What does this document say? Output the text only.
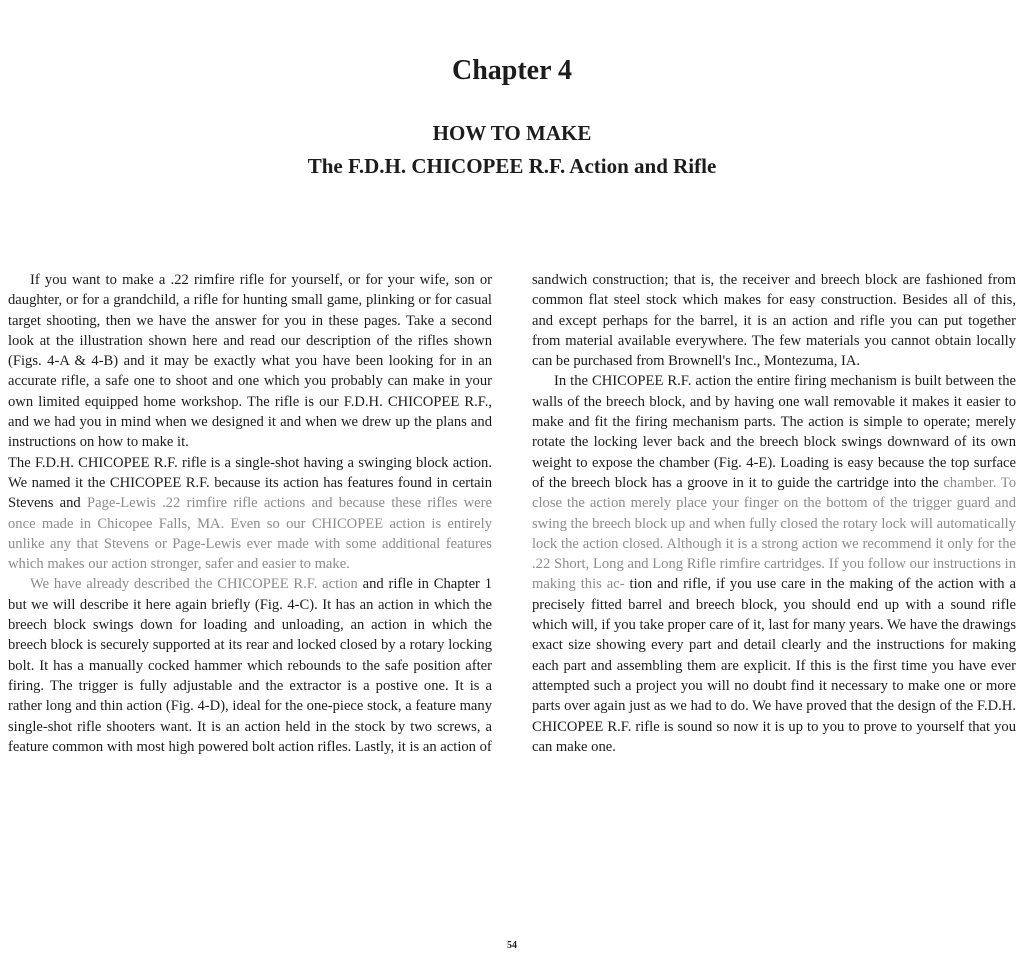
Chapter 4
HOW TO MAKE
The F.D.H. CHICOPEE R.F. Action and Rifle

If you want to make a .22 rimfire rifle for yourself, or for your wife, son or daughter, or for a grandchild, a rifle for hunting small game, plinking or for casual target shooting, then we have the answer for you in these pages. Take a second look at the illustration shown here and read our description of the rifles shown (Figs. 4-A & 4-B) and it may be exactly what you have been looking for in an accurate rifle, a safe one to shoot and one which you probably can make in your own limited equipped home workshop. The rifle is our F.D.H. CHICOPEE R.F., and we had you in mind when we designed it and when we drew up the plans and instructions on how to make it.

The F.D.H. CHICOPEE R.F. rifle is a single-shot having a swinging block action. We named it the CHICOPEE R.F. because its action has features found in certain Stevens and Page-Lewis .22 rimfire rifle actions and because these rifles were once made in Chicopee Falls, MA. Even so our CHICOPEE action is entirely unlike any that Stevens or Page-Lewis ever made with some additional features which makes our action stronger, safer and easier to make.

We have already described the CHICOPEE R.F. action and rifle in Chapter 1 but we will describe it here again briefly (Fig. 4-C). It has an action in which the breech block swings down for loading and unloading, an action in which the breech block is securely supported at its rear and locked closed by a rotary locking bolt. It has a manually cocked hammer which rebounds to the safe position after firing. The trigger is fully adjustable and the extractor is a postive one. It is a rather long and thin action (Fig. 4-D), ideal for the one-piece stock, a feature many single-shot rifle shooters want. It is an action held in the stock by two screws, a feature common with most high powered bolt action rifles. Lastly, it is an action of

sandwich construction; that is, the receiver and breech block are fashioned from common flat steel stock which makes for easy construction. Besides all of this, and except perhaps for the barrel, it is an action and rifle you can put together from material available everywhere. The few materials you cannot obtain locally can be purchased from Brownell's Inc., Montezuma, IA.

In the CHICOPEE R.F. action the entire firing mechanism is built between the walls of the breech block, and by having one wall removable it makes it easier to make and fit the firing mechanism parts. The action is simple to operate; merely rotate the locking lever back and the breech block swings downward of its own weight to expose the chamber (Fig. 4-E). Loading is easy because the top surface of the breech block has a groove in it to guide the cartridge into the chamber. To close the action merely place your finger on the bottom of the trigger guard and swing the breech block up and when fully closed the rotary lock will automatically lock the action closed. Although it is a strong action we recommend it only for the .22 Short, Long and Long Rifle rimfire cartridges. If you follow our instructions in making this ac- tion and rifle, if you use care in the making of the action with a precisely fitted barrel and breech block, you should end up with a sound rifle which will, if you take proper care of it, last for many years. We have the drawings exact size showing every part and detail clearly and the instructions for making each part and assembling them are explicit. If this is the first time you have ever attempted such a project you will no doubt find it necessary to make one or more parts over again just as we had to do. We have proved that the design of the F.D.H. CHICOPEE R.F. rifle is sound so now it is up to you to prove to yourself that you can make one.

54
